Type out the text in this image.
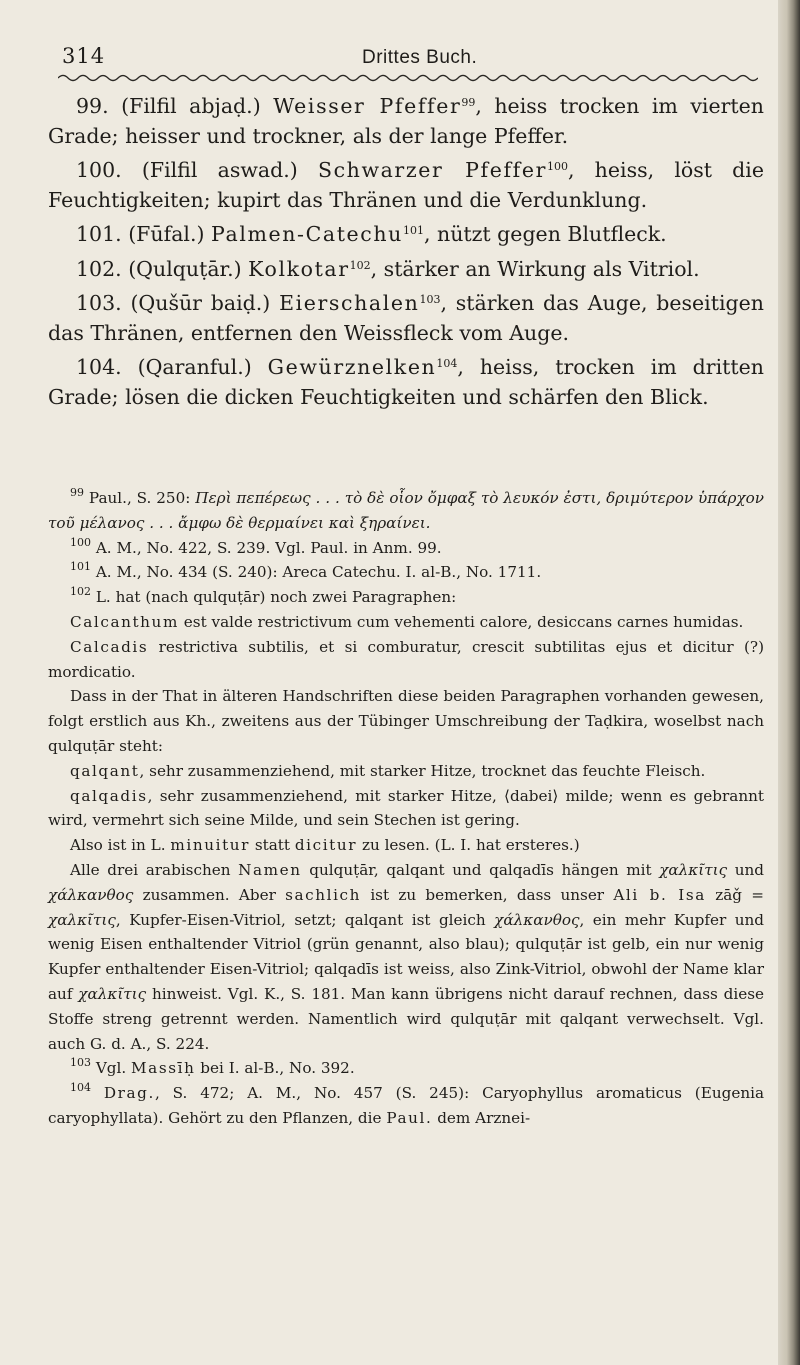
314	Drittes Buch.

99. (Filfil abjaḍ.) Weisser Pfeffer$^{99}$, heiss trocken im vierten Grade; heisser und trockner, als der lange Pfeffer.

100. (Filfil aswad.) Schwarzer Pfeffer$^{100}$, heiss, löst die Feuchtigkeiten; kupirt das Thränen und die Verdunklung.

101. (Fūfal.) Palmen-Catechu$^{101}$, nützt gegen Blutfleck.

102. (Qulquṭār.) Kolkotar$^{102}$, stärker an Wirkung als Vitriol.

103. (Qušūr baiḍ.) Eierschalen$^{103}$, stärken das Auge, beseitigen das Thränen, entfernen den Weissfleck vom Auge.

104. (Qaranful.) Gewürznelken$^{104}$, heiss, trocken im dritten Grade; lösen die dicken Feuchtigkeiten und schärfen den Blick.

$^{99}$ Paul., S. 250: Περὶ πεπέρεως . . . τὸ δὲ οἷον ὄμφαξ τὸ λευκόν ἐστι, δριμύτερον ὑπάρχον τοῦ μέλανος . . . ἄμφω δὲ θερμαίνει καὶ ξηραίνει.

$^{100}$ A. M., No. 422, S. 239. Vgl. Paul. in Anm. 99.

$^{101}$ A. M., No. 434 (S. 240): Areca Catechu. I. al-B., No. 1711.

$^{102}$ L. hat (nach qulquṭār) noch zwei Paragraphen:

Calcanthum est valde restrictivum cum vehementi calore, desiccans carnes humidas.

Calcadis restrictiva subtilis, et si comburatur, crescit subtilitas ejus et dicitur (?) mordicatio.

Dass in der That in älteren Handschriften diese beiden Paragraphen vorhanden gewesen, folgt erstlich aus Kh., zweitens aus der Tübinger Umschreibung der Taḍkira, woselbst nach qulquṭār steht:

qalqant, sehr zusammenziehend, mit starker Hitze, trocknet das feuchte Fleisch.

qalqadis, sehr zusammenziehend, mit starker Hitze, ⟨dabei⟩ milde; wenn es gebrannt wird, vermehrt sich seine Milde, und sein Stechen ist gering.

Also ist in L. minuitur statt dicitur zu lesen. (L. I. hat ersteres.)

Alle drei arabischen Namen qulquṭār, qalqant und qalqadīs hängen mit χαλκῖτις und χάλκανθος zusammen. Aber sachlich ist zu bemerken, dass unser Ali b. Isa zāǧ = χαλκῖτις, Kupfer-Eisen-Vitriol, setzt; qalqant ist gleich χάλκανθος, ein mehr Kupfer und wenig Eisen enthaltender Vitriol (grün genannt, also blau); qulquṭār ist gelb, ein nur wenig Kupfer enthaltender Eisen-Vitriol; qalqadīs ist weiss, also Zink-Vitriol, obwohl der Name klar auf χαλκῖτις hinweist. Vgl. K., S. 181. Man kann übrigens nicht darauf rechnen, dass diese Stoffe streng getrennt werden. Namentlich wird qulquṭār mit qalqant verwechselt. Vgl. auch G. d. A., S. 224.

$^{103}$ Vgl. Massīḥ bei I. al-B., No. 392.

$^{104}$ Drag., S. 472; A. M., No. 457 (S. 245): Caryophyllus aromaticus (Eugenia caryophyllata). Gehört zu den Pflanzen, die Paul. dem Arznei-
